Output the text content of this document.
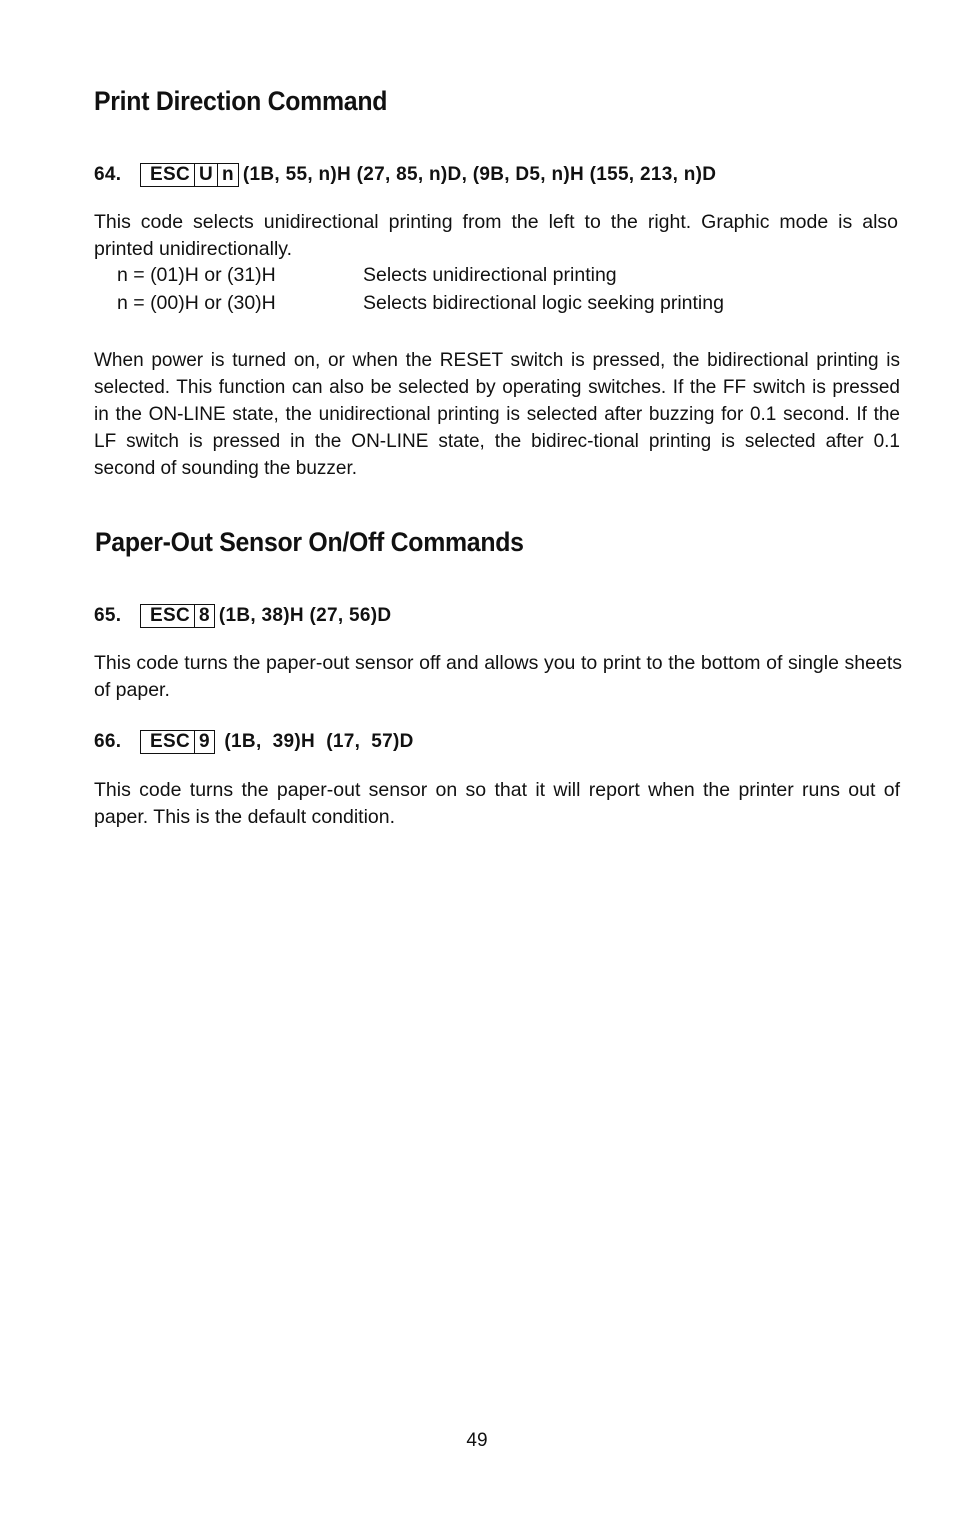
Print Direction Command
64.	ESC U n (1B, 55, n)H (27, 85, n)D, (9B, D5, n)H (155, 213, n)D

This code selects unidirectional printing from the left to the right. Graphic mode is also printed unidirectionally.

n = (01)H or (31)H	Selects unidirectional printing
n = (00)H or (30)H	Selects bidirectional logic seeking printing

When power is turned on, or when the RESET switch is pressed, the bidirectional printing is selected. This function can also be selected by operating switches. If the FF switch is pressed in the ON-LINE state, the unidirectional printing is selected after buzzing for 0.1 second. If the LF switch is pressed in the ON-LINE state, the bidirec-tional printing is selected after 0.1 second of sounding the buzzer.

Paper-Out Sensor On/Off Commands
65.	ESC 8 (1B, 38)H (27, 56)D

This code turns the paper-out sensor off and allows you to print to the bottom of single sheets of paper.

66.	ESC 9 (1B,  39)H  (17,  57)D

This code turns the paper-out sensor on so that it will report when the printer runs out of paper. This is the default condition.

49
